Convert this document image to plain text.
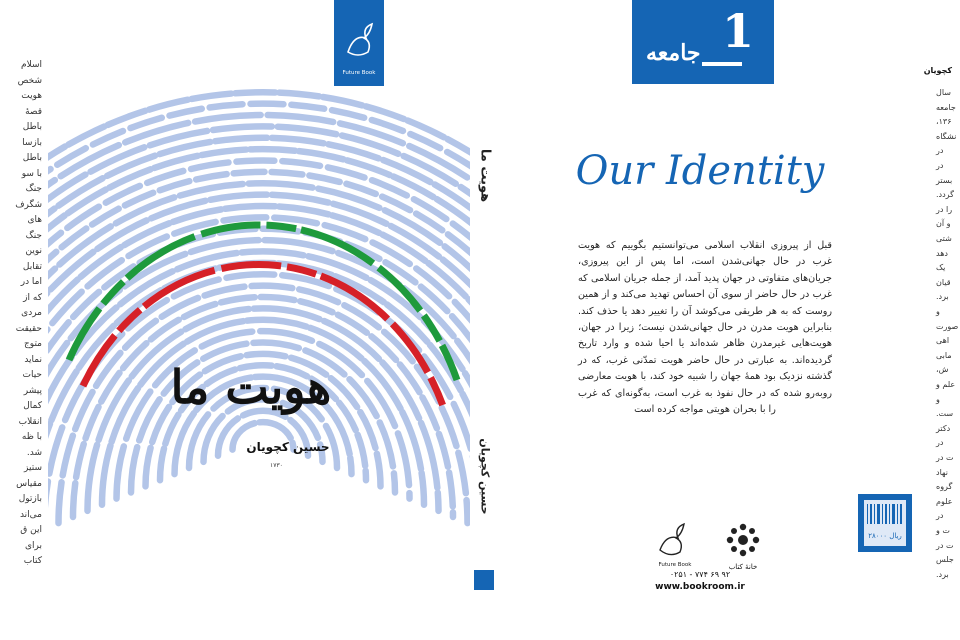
اسلام
شخص
هویت
قصهٔ
باطل
بازسا
باطل
با سو
جنگ
شگرف
های
جنگ
نوین
تقابل
اما در
که از
مردی
حقیقت
متوج
نماید
حیات
پیشر
کمال
انقلاب
با ظه
شد.
ستیز
مقیاس
بازتول
می‌اند
این ق
برای
کتاب
Future Book
هویت ما
حسین کچویان
۱۷۳۰
هویت ما
حسین کچویان
1
جامعه
Our Identity
قبل از پیروزی انقلاب اسلامی می‌توانستیم بگوییم که هویت غرب در حال جهانی‌شدن است، اما پس از این پیروزی، جریان‌های متفاوتی در جهان پدید آمد، از جمله جریان اسلامی که غرب در حال حاضر از سوی آن احساس تهدید می‌کند و از همین روست که به هر طریقی می‌کوشد آن را تغییر دهد یا حذف کند. بنابراین هویت مدرن در حال جهانی‌شدن نیست؛ زیرا در جهان، هویت‌هایی غیرمدرن ظاهر شده‌اند یا احیا شده و وارد تاریخ گردیده‌اند. به عبارتی در حال حاضر هویت تمدّنی غرب، که در گذشته نزدیک بود همهٔ جهان را شبیه خود کند، با هویت معارضی روبه‌رو شده که در حال نفوذ به غرب است، به‌گونه‌ای که غرب را با بحران هویتی مواجه کرده است
Future Book	خانهٔ کتاب
۰۲۵۱ - ۷۷۴ ۶۹ ۹۲
www.bookroom.ir
۲۸۰۰۰ ریال
کچویان
سال
جامعه
۱۳۶،
نشگاه
در
در
بستر
گردد.
را در
و آن
شتی
دهد
یک
قیان
برد.
و
صورت
اهی
مابی
ش،
علم و
و
ست.
دکتر
در
ت در
نهاد
گروه
علوم
در
ت و
ت در
جلس
برد.
